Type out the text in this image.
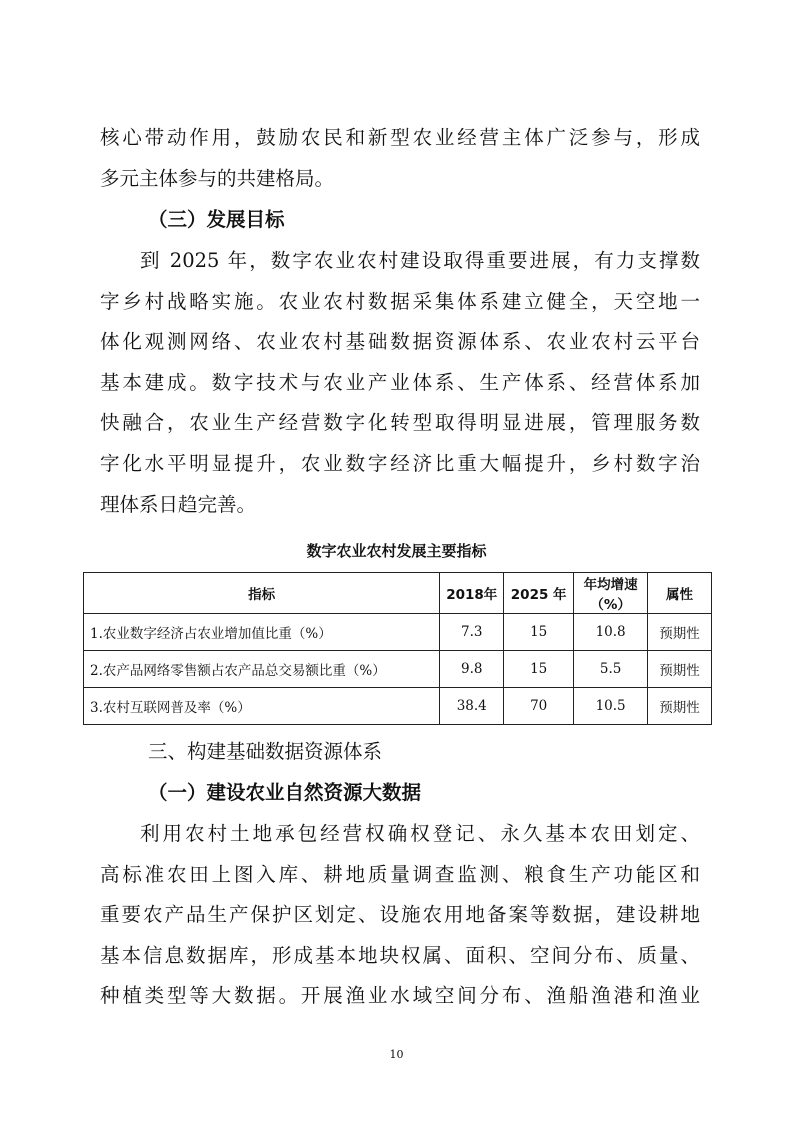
核心带动作用，鼓励农民和新型农业经营主体广泛参与，形成
多元主体参与的共建格局。
（三）发展目标
到 2025 年，数字农业农村建设取得重要进展，有力支撑数
字乡村战略实施。农业农村数据采集体系建立健全，天空地一
体化观测网络、农业农村基础数据资源体系、农业农村云平台
基本建成。数字技术与农业产业体系、生产体系、经营体系加
快融合，农业生产经营数字化转型取得明显进展，管理服务数
字化水平明显提升，农业数字经济比重大幅提升，乡村数字治
理体系日趋完善。
数字农业农村发展主要指标
指标	2018年	2025 年	年均增速（%）	属性
1.农业数字经济占农业增加值比重（%）	7.3	15	10.8	预期性
2.农产品网络零售额占农产品总交易额比重（%）	9.8	15	5.5	预期性
3.农村互联网普及率（%）	38.4	70	10.5	预期性
三、构建基础数据资源体系
（一）建设农业自然资源大数据
利用农村土地承包经营权确权登记、永久基本农田划定、
高标准农田上图入库、耕地质量调查监测、粮食生产功能区和
重要农产品生产保护区划定、设施农用地备案等数据，建设耕地
基本信息数据库，形成基本地块权属、面积、空间分布、质量、
种植类型等大数据。开展渔业水域空间分布、渔船渔港和渔业
10
